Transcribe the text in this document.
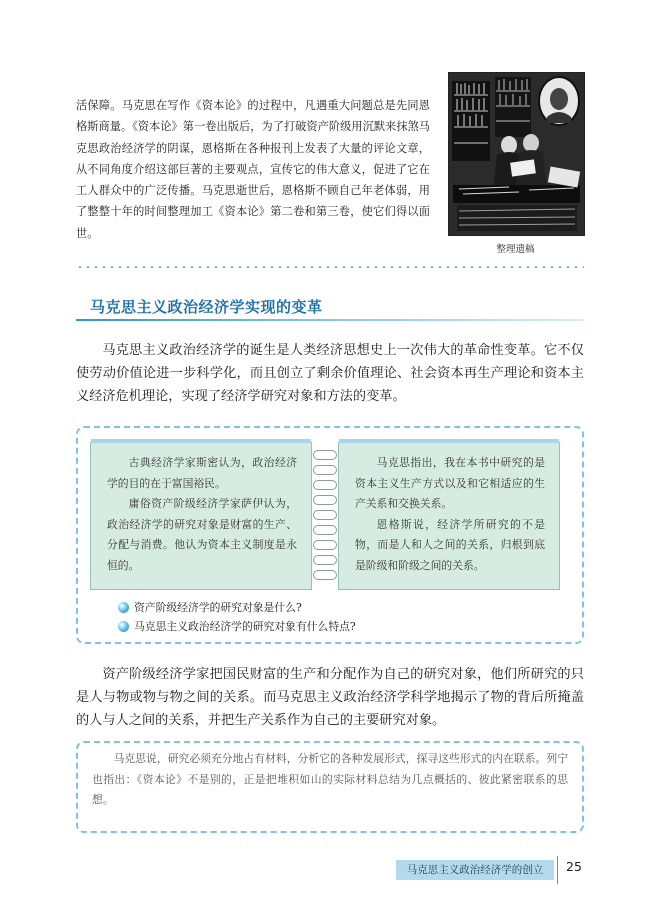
活保障。马克思在写作《资本论》的过程中，凡遇重大问题总是先同恩格斯商量。《资本论》第一卷出版后，为了打破资产阶级用沉默来抹煞马克思政治经济学的阴谋，恩格斯在各种报刊上发表了大量的评论文章，从不同角度介绍这部巨著的主要观点，宣传它的伟大意义，促进了它在工人群众中的广泛传播。马克思逝世后，恩格斯不顾自己年老体弱，用了整整十年的时间整理加工《资本论》第二卷和第三卷，使它们得以面世。
整理遗稿
马克思主义政治经济学实现的变革
马克思主义政治经济学的诞生是人类经济思想史上一次伟大的革命性变革。它不仅使劳动价值论进一步科学化，而且创立了剩余价值理论、社会资本再生产理论和资本主义经济危机理论，实现了经济学研究对象和方法的变革。

古典经济学家斯密认为，政治经济学的目的在于富国裕民。

庸俗资产阶级经济学家萨伊认为，政治经济学的研究对象是财富的生产、分配与消费。他认为资本主义制度是永恒的。

马克思指出，我在本书中研究的是资本主义生产方式以及和它相适应的生产关系和交换关系。

恩格斯说，经济学所研究的不是物，而是人和人之间的关系，归根到底是阶级和阶级之间的关系。

资产阶级经济学的研究对象是什么?
马克思主义政治经济学的研究对象有什么特点?
资产阶级经济学家把国民财富的生产和分配作为自己的研究对象，他们所研究的只是人与物或物与物之间的关系。而马克思主义政治经济学科学地揭示了物的背后所掩盖的人与人之间的关系，并把生产关系作为自己的主要研究对象。

马克思说，研究必须充分地占有材料，分析它的各种发展形式，探寻这些形式的内在联系。列宁也指出：《资本论》不是别的，正是把堆积如山的实际材料总结为几点概括的、彼此紧密联系的思想。

马克思主义政治经济学的创立	25
